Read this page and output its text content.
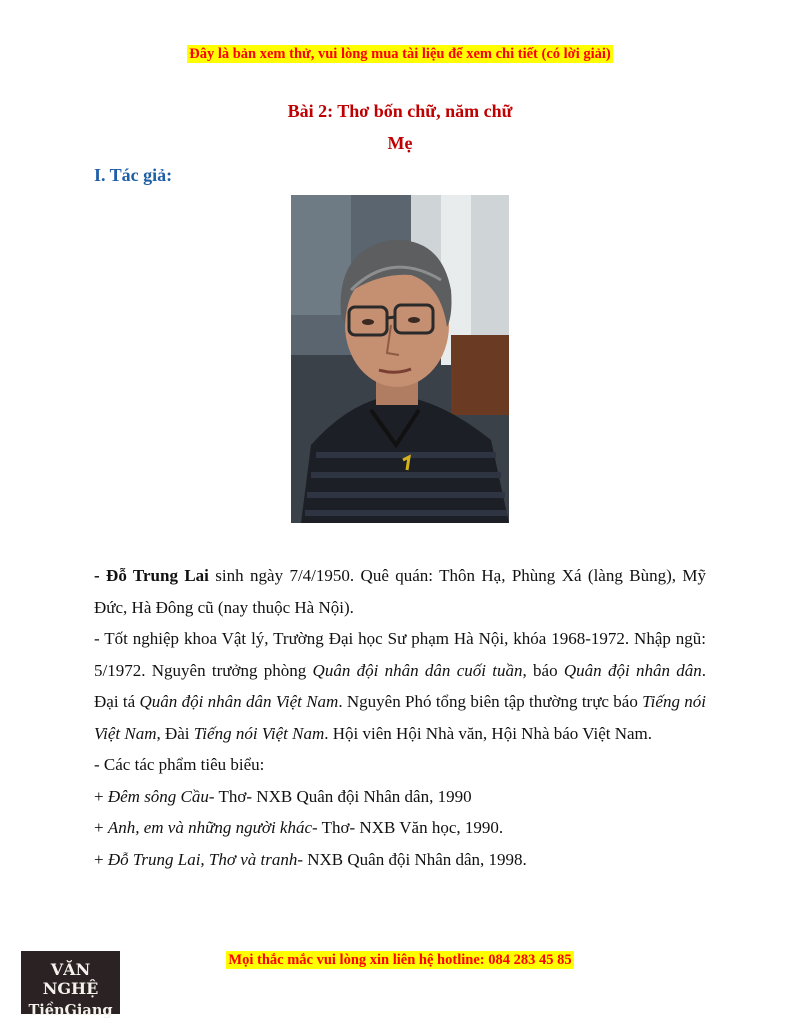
Đây là bản xem thử, vui lòng mua tài liệu để xem chi tiết (có lời giải)
Bài 2: Thơ bốn chữ, năm chữ
Mẹ
I. Tác giả:

- Đỗ Trung Lai sinh ngày 7/4/1950. Quê quán: Thôn Hạ, Phùng Xá (làng Bùng), Mỹ Đức, Hà Đông cũ (nay thuộc Hà Nội).

- Tốt nghiệp khoa Vật lý, Trường Đại học Sư phạm Hà Nội, khóa 1968-1972. Nhập ngũ: 5/1972. Nguyên trưởng phòng Quân đội nhân dân cuối tuần, báo Quân đội nhân dân. Đại tá Quân đội nhân dân Việt Nam. Nguyên Phó tổng biên tập thường trực báo Tiếng nói Việt Nam, Đài Tiếng nói Việt Nam. Hội viên Hội Nhà văn, Hội Nhà báo Việt Nam.

- Các tác phẩm tiêu biểu:

+ Đêm sông Cầu- Thơ- NXB Quân đội Nhân dân, 1990

+ Anh, em và những người khác- Thơ- NXB Văn học, 1990.

+ Đỗ Trung Lai, Thơ và tranh- NXB Quân đội Nhân dân, 1998.

VĂN NGHỆ
TiềnGiang
Mọi thắc mắc vui lòng xin liên hệ hotline: 084 283 45 85
